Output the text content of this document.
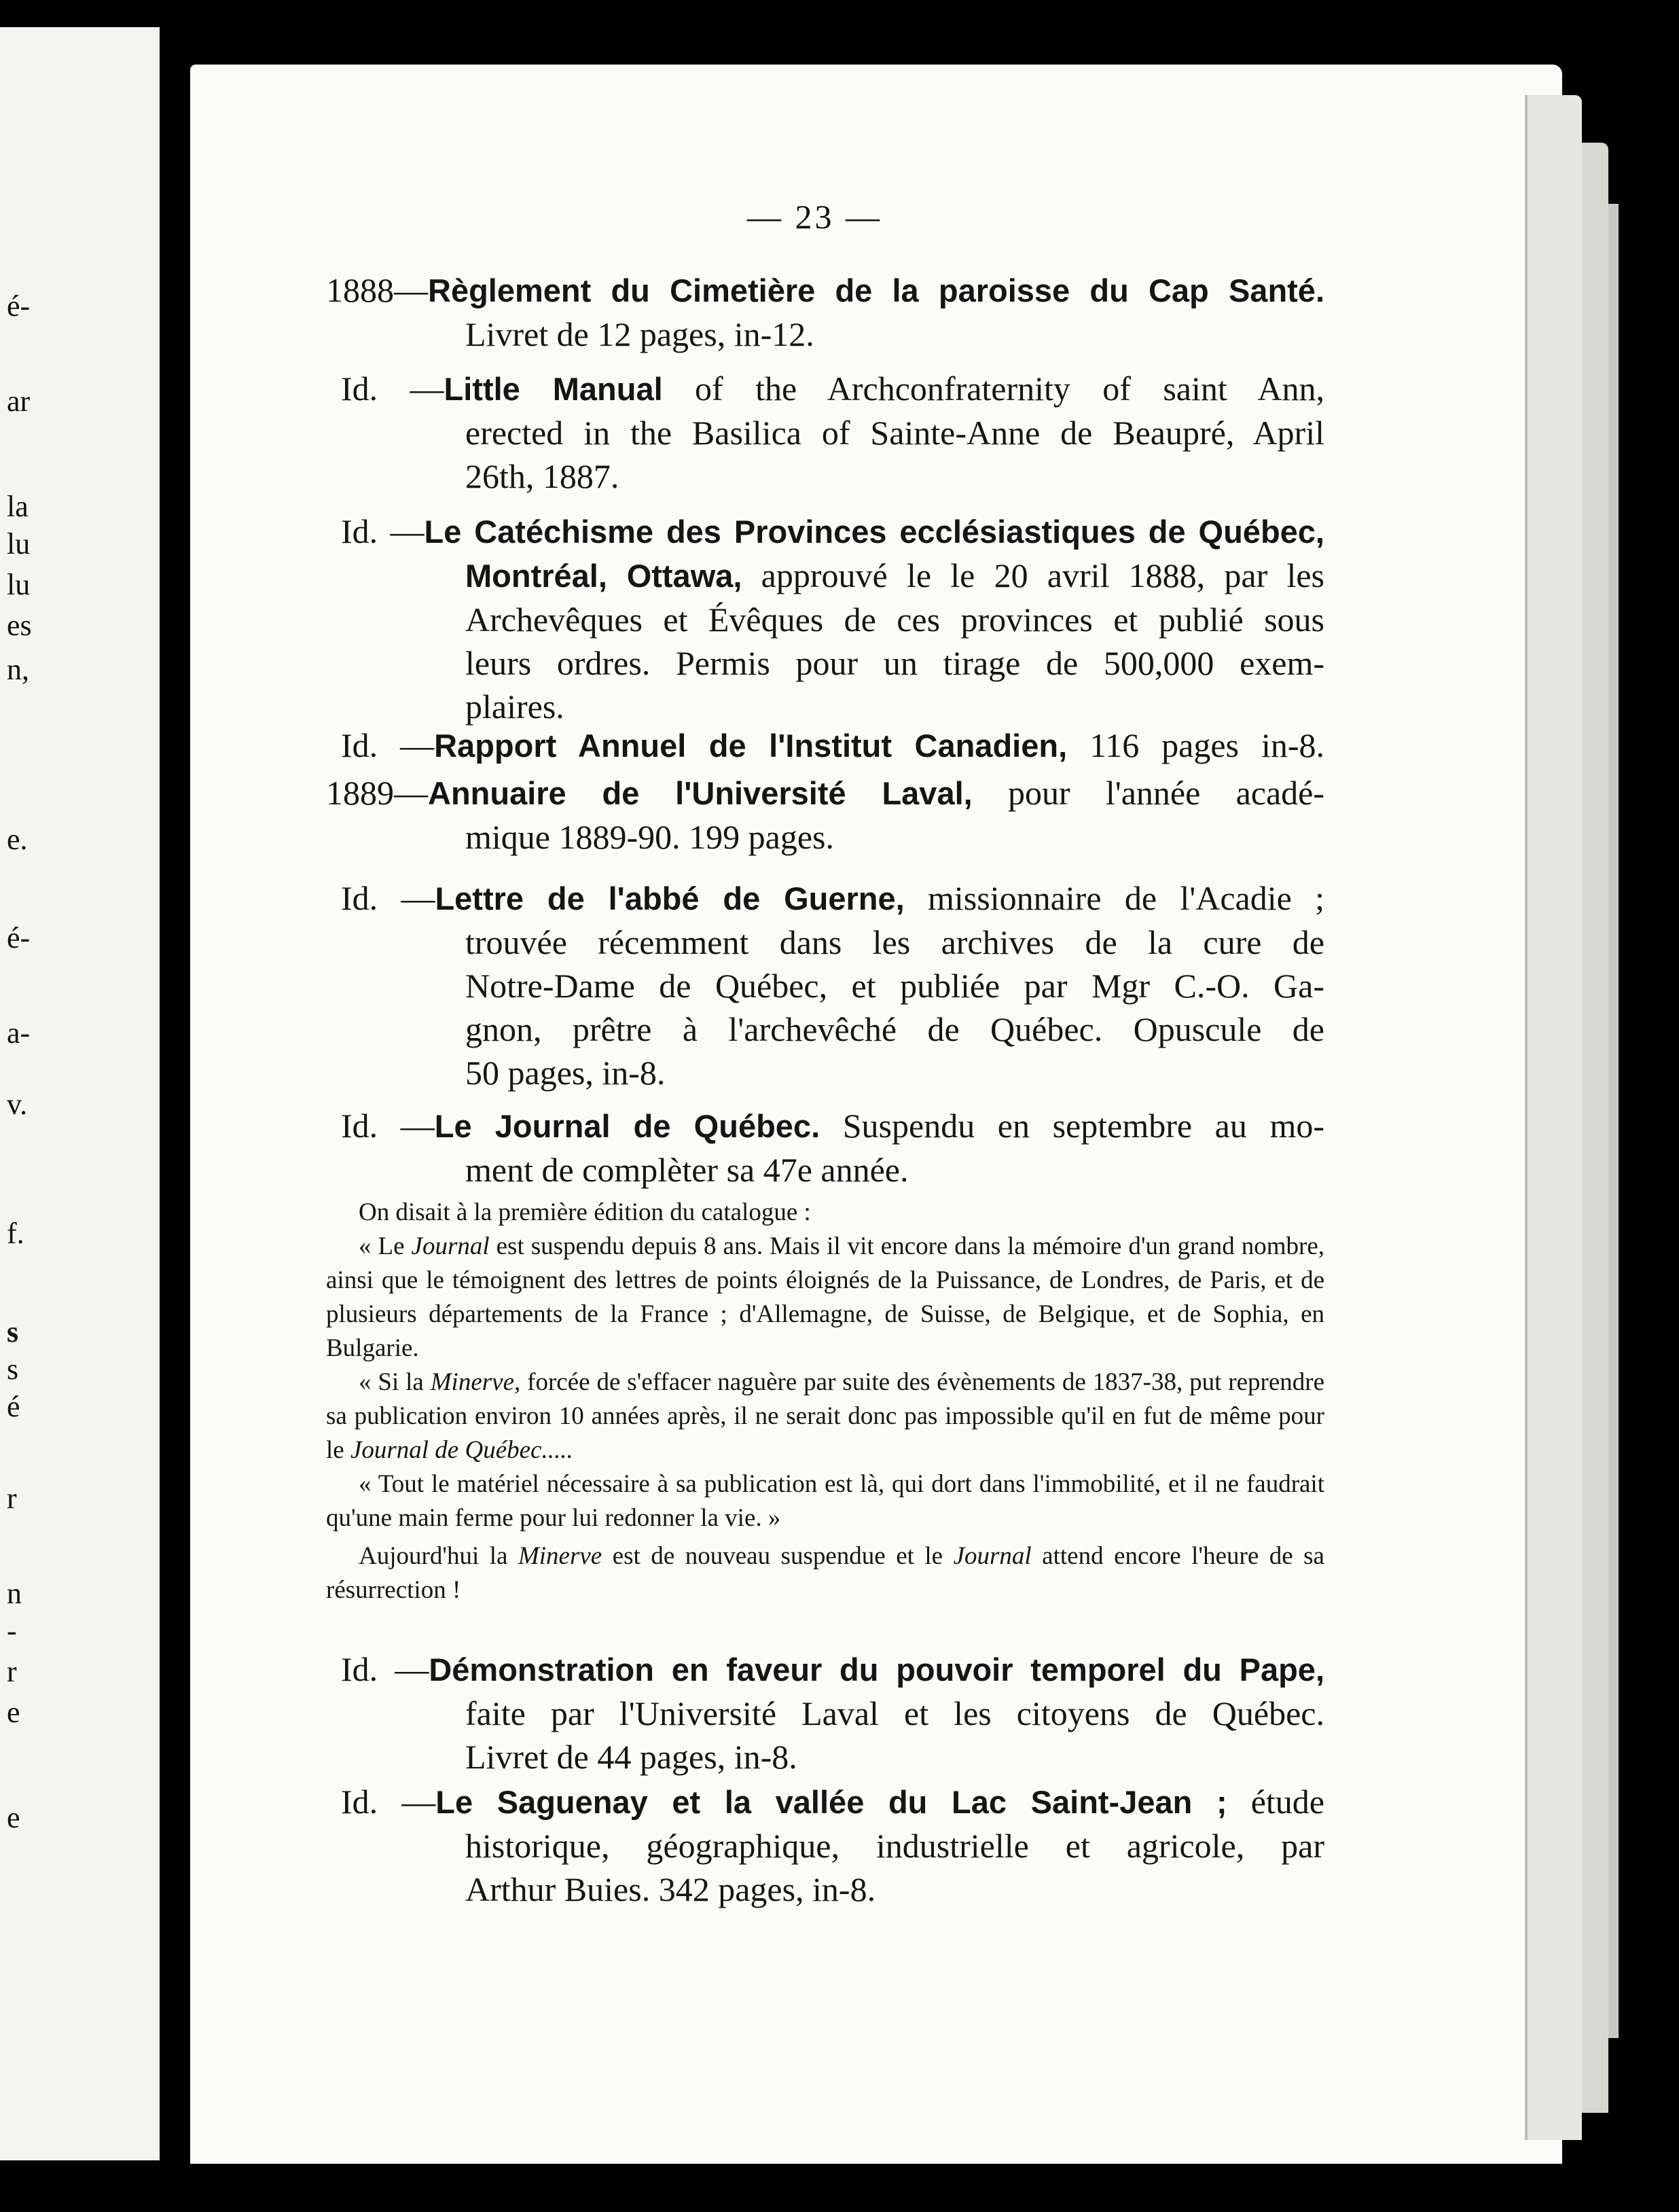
é-
ar
la
lu
lu
es
n,
e.
é-
a-
v.
f.
s
s
é
r
n
-
r
e
e
— 23 —
1888—Règlement du Cimetière de la paroisse du Cap Santé.
Livret de 12 pages, in-12.
Id. —Little Manual of the Archconfraternity of saint Ann,
erected in the Basilica of Sainte-Anne de Beaupré, April
26th, 1887.
Id. —Le Catéchisme des Provinces ecclésiastiques de Québec,
Montréal, Ottawa, approuvé le le 20 avril 1888, par les
Archevêques et Évêques de ces provinces et publié sous
leurs ordres. Permis pour un tirage de 500,000 exem-
plaires.
Id. —Rapport Annuel de l'Institut Canadien, 116 pages in-8.
1889—Annuaire de l'Université Laval, pour l'année acadé-
mique 1889-90. 199 pages.
Id. —Lettre de l'abbé de Guerne, missionnaire de l'Acadie ;
trouvée récemment dans les archives de la cure de
Notre-Dame de Québec, et publiée par Mgr C.-O. Ga-
gnon, prêtre à l'archevêché de Québec. Opuscule de
50 pages, in-8.
Id. —Le Journal de Québec. Suspendu en septembre au mo-
ment de complèter sa 47e année.

On disait à la première édition du catalogue :

« Le Journal est suspendu depuis 8 ans. Mais il vit encore dans la mémoire d'un grand nombre, ainsi que le témoignent des lettres de points éloignés de la Puissance, de Londres, de Paris, et de plusieurs départements de la France ; d'Allemagne, de Suisse, de Belgique, et de Sophia, en Bulgarie.

« Si la Minerve, forcée de s'effacer naguère par suite des évènements de 1837-38, put reprendre sa publication environ 10 années après, il ne serait donc pas impossible qu'il en fut de même pour le Journal de Québec.....

« Tout le matériel nécessaire à sa publication est là, qui dort dans l'immobilité, et il ne faudrait qu'une main ferme pour lui redonner la vie. »

Aujourd'hui la Minerve est de nouveau suspendue et le Journal attend encore l'heure de sa résurrection !

Id. —Démonstration en faveur du pouvoir temporel du Pape,
faite par l'Université Laval et les citoyens de Québec.
Livret de 44 pages, in-8.
Id. —Le Saguenay et la vallée du Lac Saint-Jean ; étude
historique, géographique, industrielle et agricole, par
Arthur Buies. 342 pages, in-8.
